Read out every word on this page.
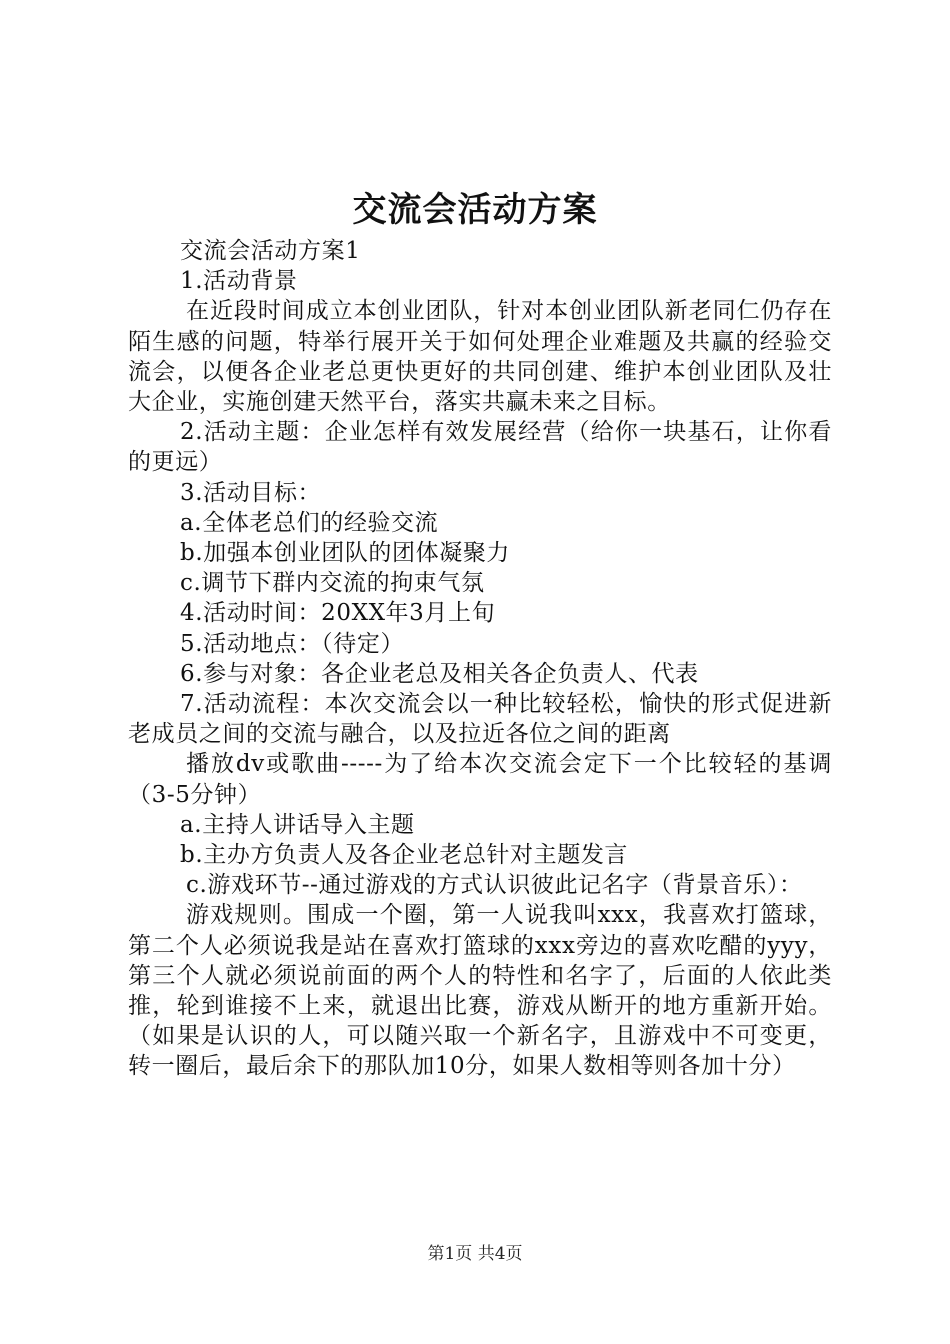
交流会活动方案

交流会活动方案1

1.活动背景

在近段时间成立本创业团队，针对本创业团队新老同仁仍存在陌生感的问题，特举行展开关于如何处理企业难题及共赢的经验交流会，以便各企业老总更快更好的共同创建、维护本创业团队及壮大企业，实施创建天然平台，落实共赢未来之目标。

2.活动主题：企业怎样有效发展经营（给你一块基石，让你看的更远）

3.活动目标：

a.全体老总们的经验交流

b.加强本创业团队的团体凝聚力

c.调节下群内交流的拘束气氛

4.活动时间：20XX年3月上旬

5.活动地点：（待定）

6.参与对象：各企业老总及相关各企负责人、代表

7.活动流程：本次交流会以一种比较轻松，愉快的形式促进新老成员之间的交流与融合，以及拉近各位之间的距离

播放dv或歌曲-----为了给本次交流会定下一个比较轻的基调（3-5分钟）

a.主持人讲话导入主题

b.主办方负责人及各企业老总针对主题发言

c.游戏环节--通过游戏的方式认识彼此记名字（背景音乐）：

游戏规则。围成一个圈，第一人说我叫xxx，我喜欢打篮球，第二个人必须说我是站在喜欢打篮球的xxx旁边的喜欢吃醋的yyy，第三个人就必须说前面的两个人的特性和名字了，后面的人依此类推，轮到谁接不上来，就退出比赛，游戏从断开的地方重新开始。（如果是认识的人，可以随兴取一个新名字，且游戏中不可变更，转一圈后，最后余下的那队加10分，如果人数相等则各加十分）

第1页 共4页
